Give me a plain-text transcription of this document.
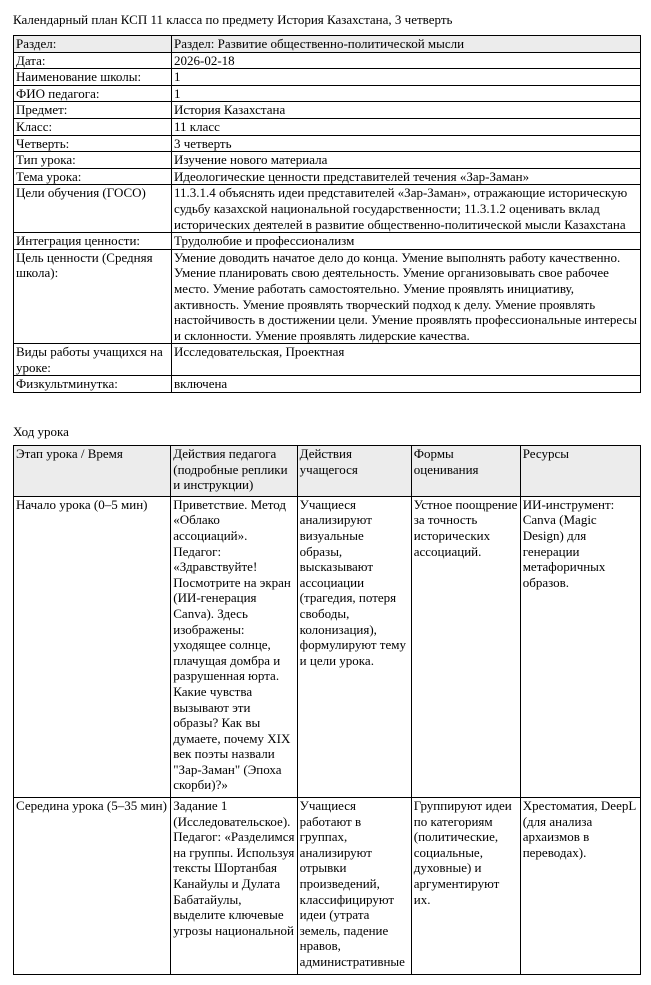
Календарный план КСП 11 класса по предмету История Казахстана, 3 четверть
Раздел:	Раздел: Развитие общественно-политической мысли
Дата:	2026-02-18
Наименование школы:	1
ФИО педагога:	1
Предмет:	История Казахстана
Класс:	11 класс
Четверть:	3 четверть
Тип урока:	Изучение нового материала
Тема урока:	Идеологические ценности представителей течения «Зар-Заман»
Цели обучения (ГОСО)	11.3.1.4 объяснять идеи представителей «Зар-Заман», отражающие историческую судьбу казахской национальной государственности; 11.3.1.2 оценивать вклад исторических деятелей в развитие общественно-политической мысли Казахстана
Интеграция ценности:	Трудолюбие и профессионализм
Цель ценности (Средняя школа):	Умение доводить начатое дело до конца. Умение выполнять работу качественно. Умение планировать свою деятельность. Умение организовывать свое рабочее место. Умение работать самостоятельно. Умение проявлять инициативу, активность. Умение проявлять творческий подход к делу. Умение проявлять настойчивость в достижении цели. Умение проявлять профессиональные интересы и склонности. Умение проявлять лидерские качества.
Виды работы учащихся на уроке:	Исследовательская, Проектная
Физкультминутка:	включена
Ход урока
Этап урока / Время	Действия педагога (подробные реплики и инструкции)	Действия учащегося	Формы оценивания	Ресурсы
Начало урока (0–5 мин)	Приветствие. Метод «Облако ассоциаций». Педагог: «Здравствуйте! Посмотрите на экран (ИИ-генерация Canva). Здесь изображены: уходящее солнце, плачущая домбра и разрушенная юрта. Какие чувства вызывают эти образы? Как вы думаете, почему XIX век поэты назвали "Зар-Заман" (Эпоха скорби)?»	Учащиеся анализируют визуальные образы, высказывают ассоциации (трагедия, потеря свободы, колонизация), формулируют тему и цели урока.	Устное поощрение за точность исторических ассоциаций.	ИИ-инструмент: Canva (Magic Design) для генерации метафоричных образов.
Середина урока (5–35 мин)	Задание 1 (Исследовательское). Педагог: «Разделимся на группы. Используя тексты Шортанбая Канайулы и Дулата Бабатайулы, выделите ключевые угрозы национальной	Учащиеся работают в группах, анализируют отрывки произведений, классифицируют идеи (утрата земель, падение нравов, административные	Группируют идеи по категориям (политические, социальные, духовные) и аргументируют их.	Хрестоматия, DeepL (для анализа архаизмов в переводах).
